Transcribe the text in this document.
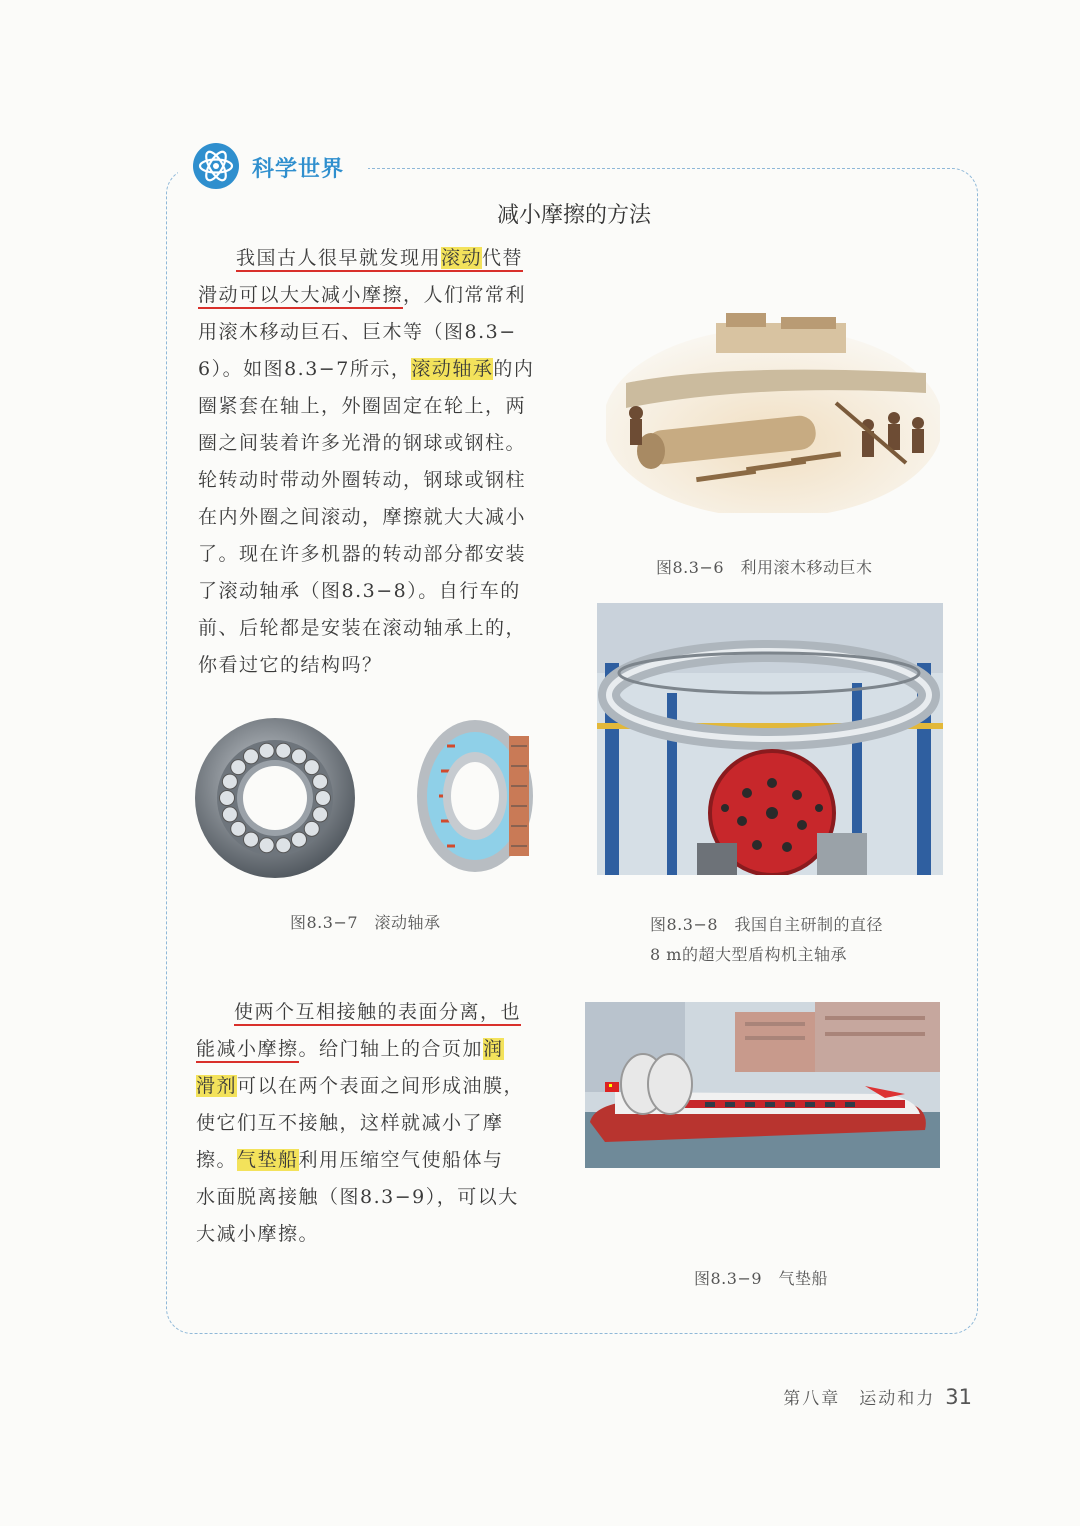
科学世界
减小摩擦的方法
我国古人很早就发现用滚动代替
滑动可以大大减小摩擦，人们常常利
用滚木移动巨石、巨木等（图8.3−
6）。如图8.3−7所示，滚动轴承的内
圈紧套在轴上，外圈固定在轮上，两
圈之间装着许多光滑的钢球或钢柱。
轮转动时带动外圈转动，钢球或钢柱
在内外圈之间滚动，摩擦就大大减小
了。现在许多机器的转动部分都安装
了滚动轴承（图8.3−8）。自行车的
前、后轮都是安装在滚动轴承上的，
你看过它的结构吗？
图8.3−6　利用滚木移动巨木
图8.3−8　我国自主研制的直径
8 m的超大型盾构机主轴承
图8.3−7　滚动轴承
使两个互相接触的表面分离，也
能减小摩擦。给门轴上的合页加润
滑剂可以在两个表面之间形成油膜，
使它们互不接触，这样就减小了摩
擦。气垫船利用压缩空气使船体与
水面脱离接触（图8.3−9），可以大
大减小摩擦。
图8.3−9　气垫船
第八章　运动和力 31
